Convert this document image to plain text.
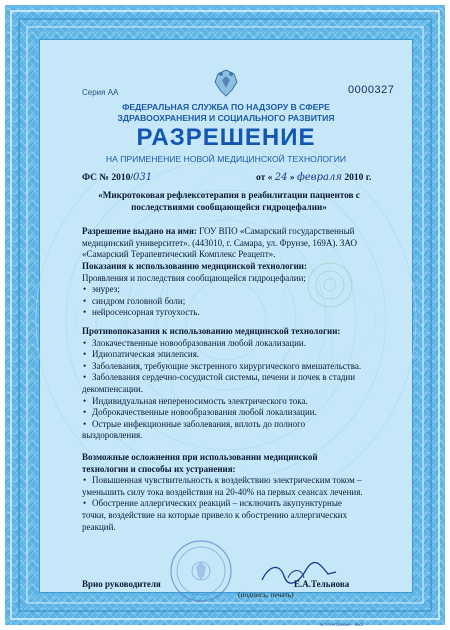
Серия АА	0000327
ФЕДЕРАЛЬНАЯ СЛУЖБА ПО НАДЗОРУ В СФЕРЕ
ЗДРАВООХРАНЕНИЯ И СОЦИАЛЬНОГО РАЗВИТИЯ
РАЗРЕШЕНИЕ
НА ПРИМЕНЕНИЕ НОВОЙ МЕДИЦИНСКОЙ ТЕХНОЛОГИИ
ФС № 2010/031	от « 24 » февраля 2010 г.
«Микротоковая рефлексотерапия в реабилитации пациентов с
последствиями сообщающейся гидроцефалии»
Разрешение выдано на имя: ГОУ ВПО «Самарский государственный
медицинский университет». (443010, г. Самара, ул. Фрунзе, 169А). ЗАО
«Самарский Терапевтический Комплекс Реацепт».
Показания к использованию медицинской технологии:
Проявления и последствия сообщающейся гидроцефалии;
• энурез;
• синдром головной боли;
• нейросенсорная тугоухость.
Противопоказания к использованию медицинской технологии:
• Злокачественные новообразования любой локализации.
• Идиопатическая эпилепсия.
• Заболевания, требующие экстренного хирургического вмешательства.
• Заболевания сердечно-сосудистой системы, печени и почек в стадии
декомпенсации.
• Индивидуальная непереносимость электрического тока.
• Доброкачественные новообразования любой локализации.
• Острые инфекционные заболевания, вплоть до полного
выздоровления.
Возможные осложнения при использовании медицинской
технологии и способы их устранения:
• Повышенная чувствительность к воздействию электрическим током –
уменьшить силу тока воздействия на 20-40% на первых сеансах лечения.
• Обострение аллергических реакций – исключить акупунктурные
точки, воздействие на которые привело к обострению аллергических
реакций.
Врио руководителя
(подпись, печать)
Е.А.Тельнова
ФГУП «ГОЗНАК» · 2007
